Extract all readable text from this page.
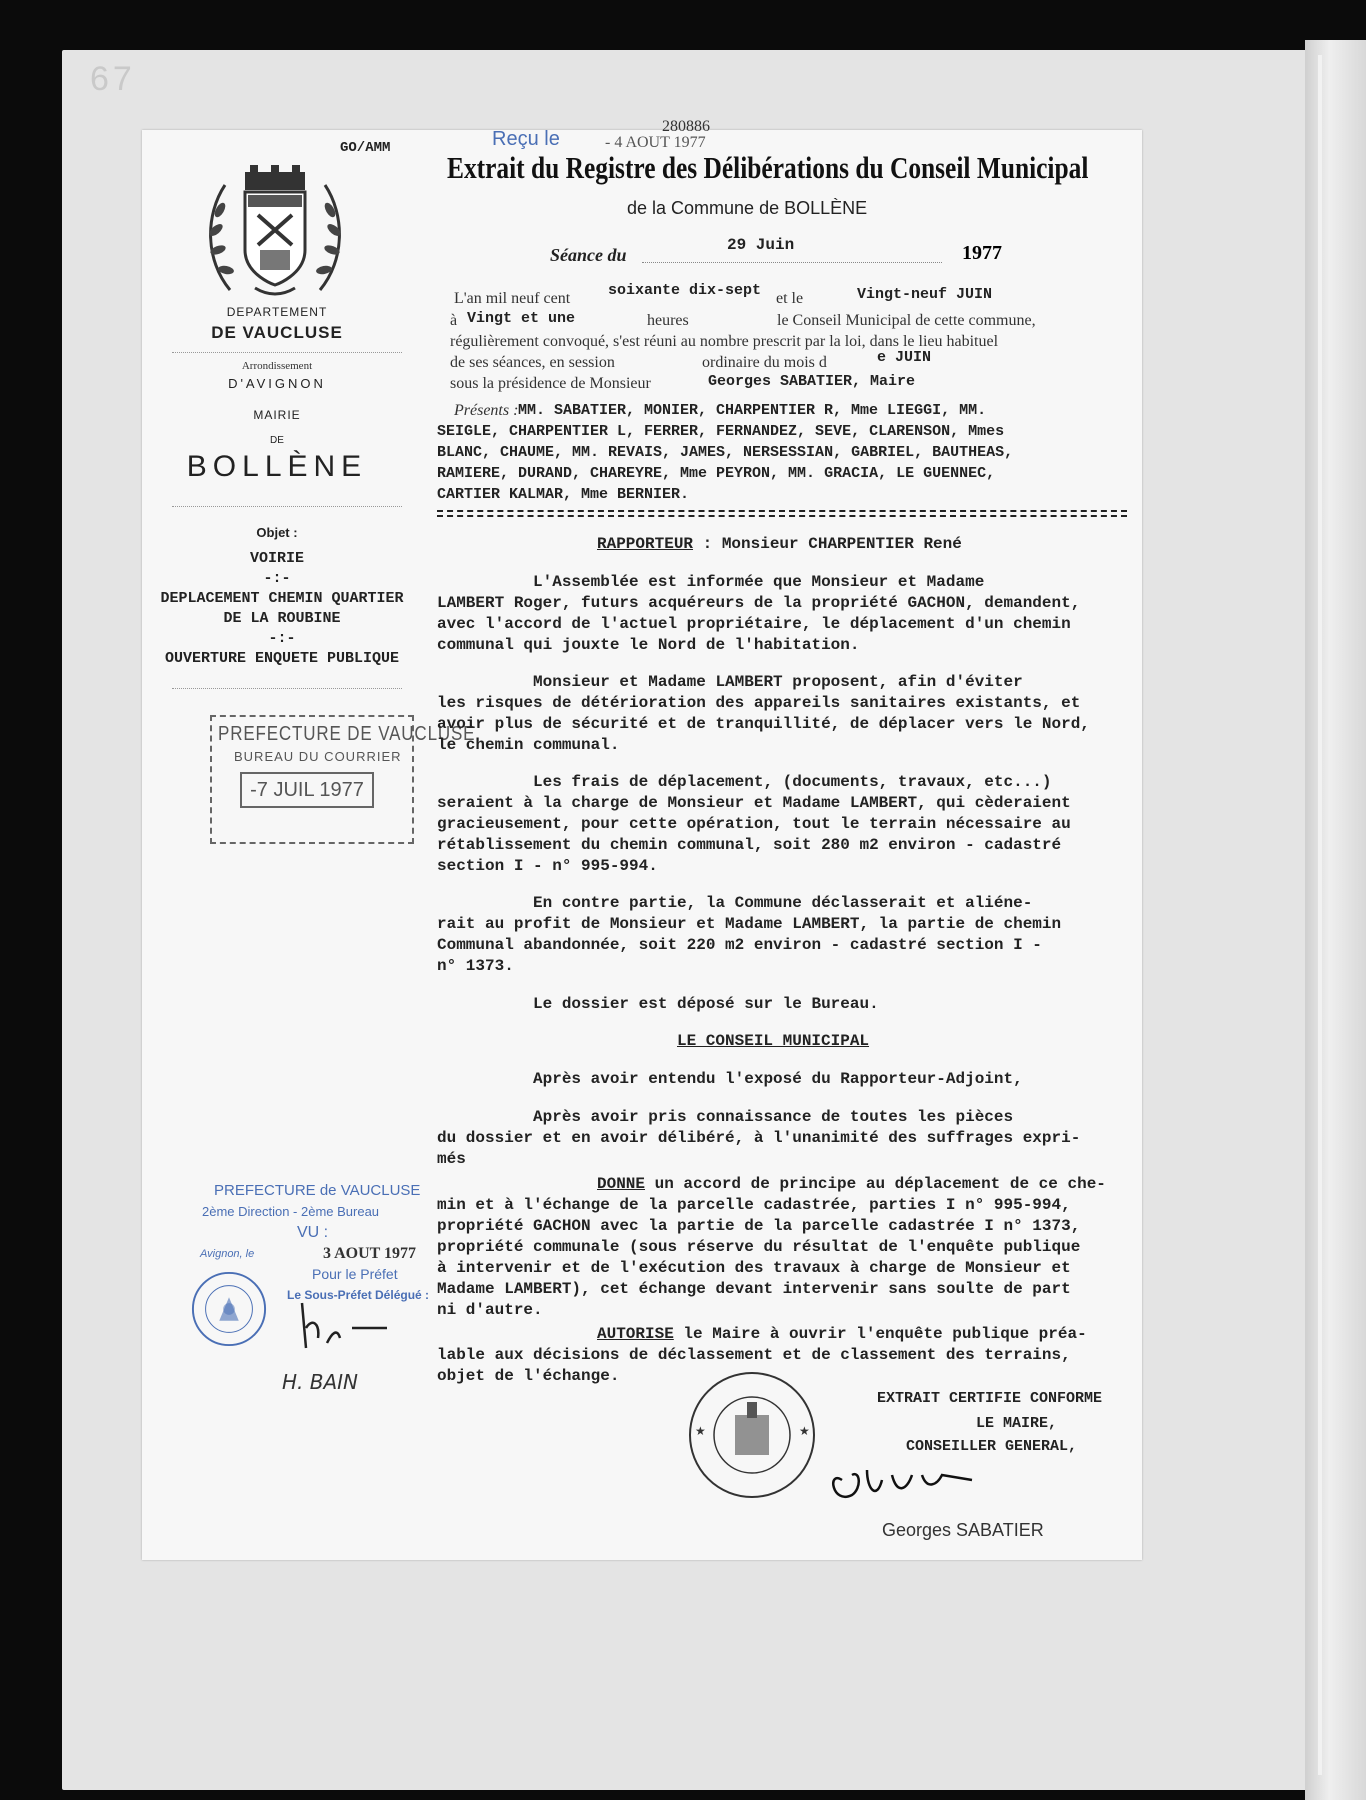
67
GO/AMM
DEPARTEMENT
DE VAUCLUSE
Arrondissement
D'AVIGNON
MAIRIE
DE
BOLLÈNE
Objet :
VOIRIE
-:-
DEPLACEMENT CHEMIN QUARTIER
DE LA ROUBINE
-:-
OUVERTURE ENQUETE PUBLIQUE
PREFECTURE DE VAUCLUSE
BUREAU DU COURRIER
-7 JUIL 1977
Reçu le	- 4 AOUT 1977
280886
Extrait du Registre des Délibérations du Conseil Municipal
de la Commune de BOLLÈNE
Séance du	29 Juin	1977
L'an mil neuf cent	soixante dix-sept et le	Vingt-neuf JUIN
à Vingt et une	heures	le Conseil Municipal de cette commune,
régulièrement convoqué, s'est réuni au nombre prescrit par la loi, dans le lieu habituel
de ses séances, en session	ordinaire du mois d	e JUIN
sous la présidence de Monsieur	Georges SABATIER, Maire
Présents : MM. SABATIER, MONIER, CHARPENTIER R, Mme LIEGGI, MM.
SEIGLE, CHARPENTIER L, FERRER, FERNANDEZ, SEVE, CLARENSON, Mmes
BLANC, CHAUME, MM. REVAIS, JAMES, NERSESSIAN, GABRIEL, BAUTHEAS,
RAMIERE, DURAND, CHAREYRE, Mme PEYRON, MM. GRACIA, LE GUENNEC,
CARTIER KALMAR, Mme BERNIER.
RAPPORTEUR : Monsieur CHARPENTIER René
L'Assemblée est informée que Monsieur et Madame
LAMBERT Roger, futurs acquéreurs de la propriété GACHON, demandent,
avec l'accord de l'actuel propriétaire, le déplacement d'un chemin
communal qui jouxte le Nord de l'habitation.
Monsieur et Madame LAMBERT proposent, afin d'éviter
les risques de détérioration des appareils sanitaires existants, et
avoir plus de sécurité et de tranquillité, de déplacer vers le Nord,
le chemin communal.
Les frais de déplacement, (documents, travaux, etc...)
seraient à la charge de Monsieur et Madame LAMBERT, qui cèderaient
gracieusement, pour cette opération, tout le terrain nécessaire au
rétablissement du chemin communal, soit 280 m2 environ - cadastré
section I - n° 995-994.
En contre partie, la Commune déclasserait et aliéne-
rait au profit de Monsieur et Madame LAMBERT, la partie de chemin
Communal abandonnée, soit 220 m2 environ - cadastré section I -
n° 1373.
Le dossier est déposé sur le Bureau.
LE CONSEIL MUNICIPAL
Après avoir entendu l'exposé du Rapporteur-Adjoint,
Après avoir pris connaissance de toutes les pièces
du dossier et en avoir délibéré, à l'unanimité des suffrages expri-
més
DONNE un accord de principe au déplacement de ce che-
min et à l'échange de la parcelle cadastrée, parties I n° 995-994,
propriété GACHON avec la partie de la parcelle cadastrée I n° 1373,
propriété communale (sous réserve du résultat de l'enquête publique
à intervenir et de l'exécution des travaux à charge de Monsieur et
Madame LAMBERT), cet échange devant intervenir sans soulte de part
ni d'autre.
AUTORISE le Maire à ouvrir l'enquête publique préa-
lable aux décisions de déclassement et de classement des terrains,
objet de l'échange.
PREFECTURE de VAUCLUSE
2ème Direction - 2ème Bureau
VU :
Avignon, le	3 AOUT 1977
Pour le Préfet
Le Sous-Préfet Délégué :
H. BAIN
EXTRAIT CERTIFIE CONFORME
LE MAIRE,
CONSEILLER GENERAL,
★	★
Georges SABATIER
